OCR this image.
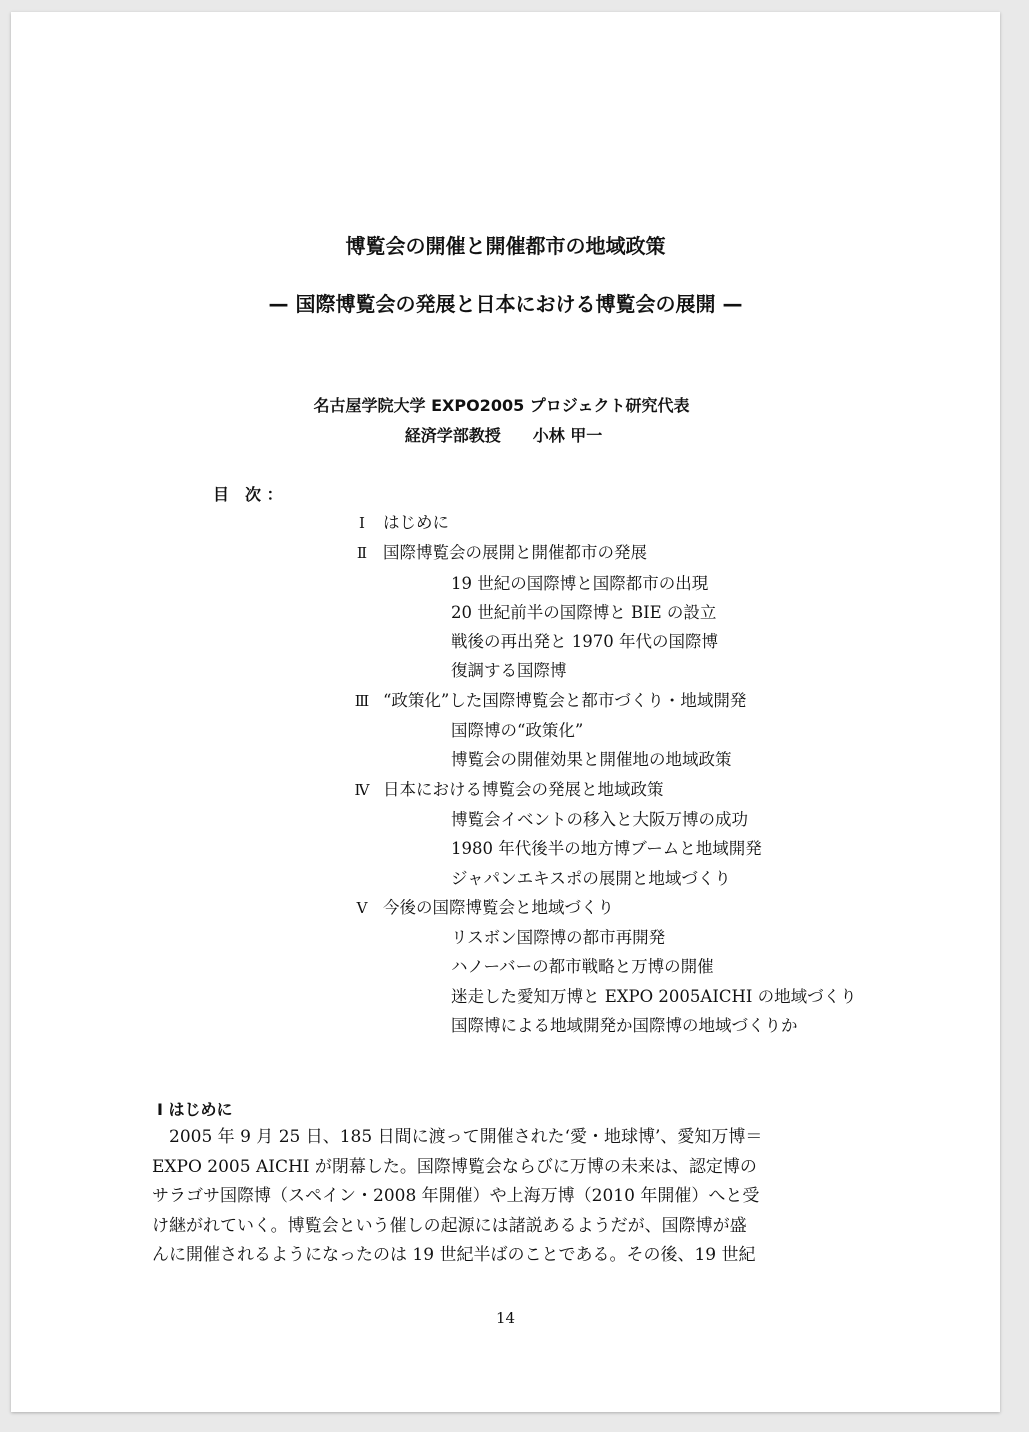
博覧会の開催と開催都市の地域政策
— 国際博覧会の発展と日本における博覧会の展開 —
名古屋学院大学 EXPO2005 プロジェクト研究代表
経済学部教授　　小林 甲一
目　次 ：
Ⅰ はじめに
Ⅱ 国際博覧会の展開と開催都市の発展
19 世紀の国際博と国際都市の出現
20 世紀前半の国際博と BIE の設立
戦後の再出発と 1970 年代の国際博
復調する国際博
Ⅲ “政策化”した国際博覧会と都市づくり・地域開発
国際博の“政策化”
博覧会の開催効果と開催地の地域政策
Ⅳ 日本における博覧会の発展と地域政策
博覧会イベントの移入と大阪万博の成功
1980 年代後半の地方博ブームと地域開発
ジャパンエキスポの展開と地域づくり
Ⅴ 今後の国際博覧会と地域づくり
リスボン国際博の都市再開発
ハノーバーの都市戦略と万博の開催
迷走した愛知万博と EXPO 2005AICHI の地域づくり
国際博による地域開発か国際博の地域づくりか
Ⅰ はじめに
　2005 年 9 月 25 日、185 日間に渡って開催された‘愛・地球博’、愛知万博＝
EXPO 2005 AICHI が閉幕した。国際博覧会ならびに万博の未来は、認定博の
サラゴサ国際博（スペイン・2008 年開催）や上海万博（2010 年開催）へと受
け継がれていく。博覧会という催しの起源には諸説あるようだが、国際博が盛
んに開催されるようになったのは 19 世紀半ばのことである。その後、19 世紀
14
